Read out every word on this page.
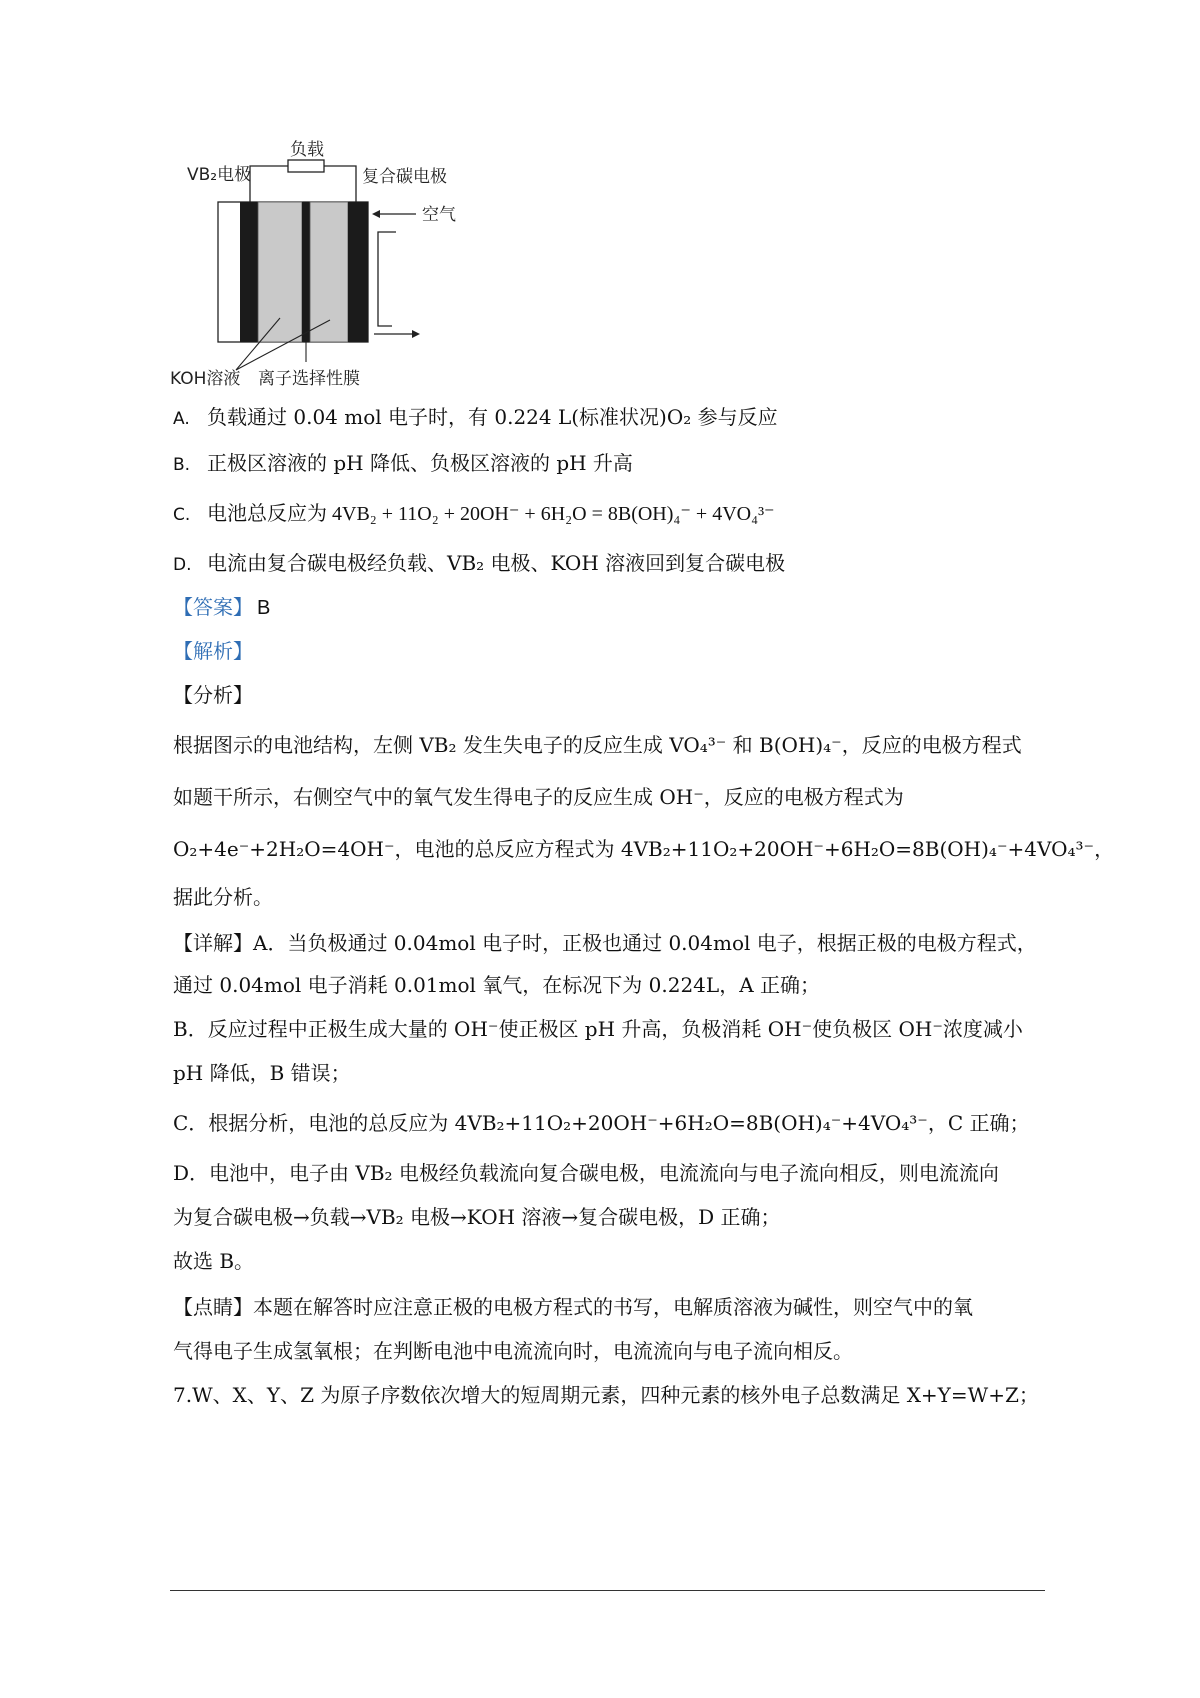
负载
VB₂电极	复合碳电极
空气
KOH溶液 离子选择性膜
A. 负载通过 0.04 mol 电子时，有 0.224 L(标准状况)O₂ 参与反应
B. 正极区溶液的 pH 降低、负极区溶液的 pH 升高
C. 电池总反应为 4VB₂ + 11O₂ + 20OH⁻ + 6H₂O = 8B(OH)₄⁻ + 4VO₄³⁻
D. 电流由复合碳电极经负载、VB₂ 电极、KOH 溶液回到复合碳电极
【答案】 B
【解析】
【分析】
根据图示的电池结构，左侧 VB₂ 发生失电子的反应生成 VO₄³⁻ 和 B(OH)₄⁻，反应的电极方程式
如题干所示，右侧空气中的氧气发生得电子的反应生成 OH⁻，反应的电极方程式为
O₂+4e⁻+2H₂O=4OH⁻，电池的总反应方程式为 4VB₂+11O₂+20OH⁻+6H₂O=8B(OH)₄⁻+4VO₄³⁻，
据此分析。
【详解】A．当负极通过 0.04mol 电子时，正极也通过 0.04mol 电子，根据正极的电极方程式，
通过 0.04mol 电子消耗 0.01mol 氧气，在标况下为 0.224L，A 正确；
B．反应过程中正极生成大量的 OH⁻使正极区 pH 升高，负极消耗 OH⁻使负极区 OH⁻浓度减小
pH 降低，B 错误；
C．根据分析，电池的总反应为 4VB₂+11O₂+20OH⁻+6H₂O=8B(OH)₄⁻+4VO₄³⁻，C 正确；
D．电池中，电子由 VB₂ 电极经负载流向复合碳电极，电流流向与电子流向相反，则电流流向
为复合碳电极→负载→VB₂ 电极→KOH 溶液→复合碳电极，D 正确；
故选 B。
【点睛】本题在解答时应注意正极的电极方程式的书写，电解质溶液为碱性，则空气中的氧
气得电子生成氢氧根；在判断电池中电流流向时，电流流向与电子流向相反。
7.W、X、Y、Z 为原子序数依次增大的短周期元素，四种元素的核外电子总数满足 X+Y=W+Z；
